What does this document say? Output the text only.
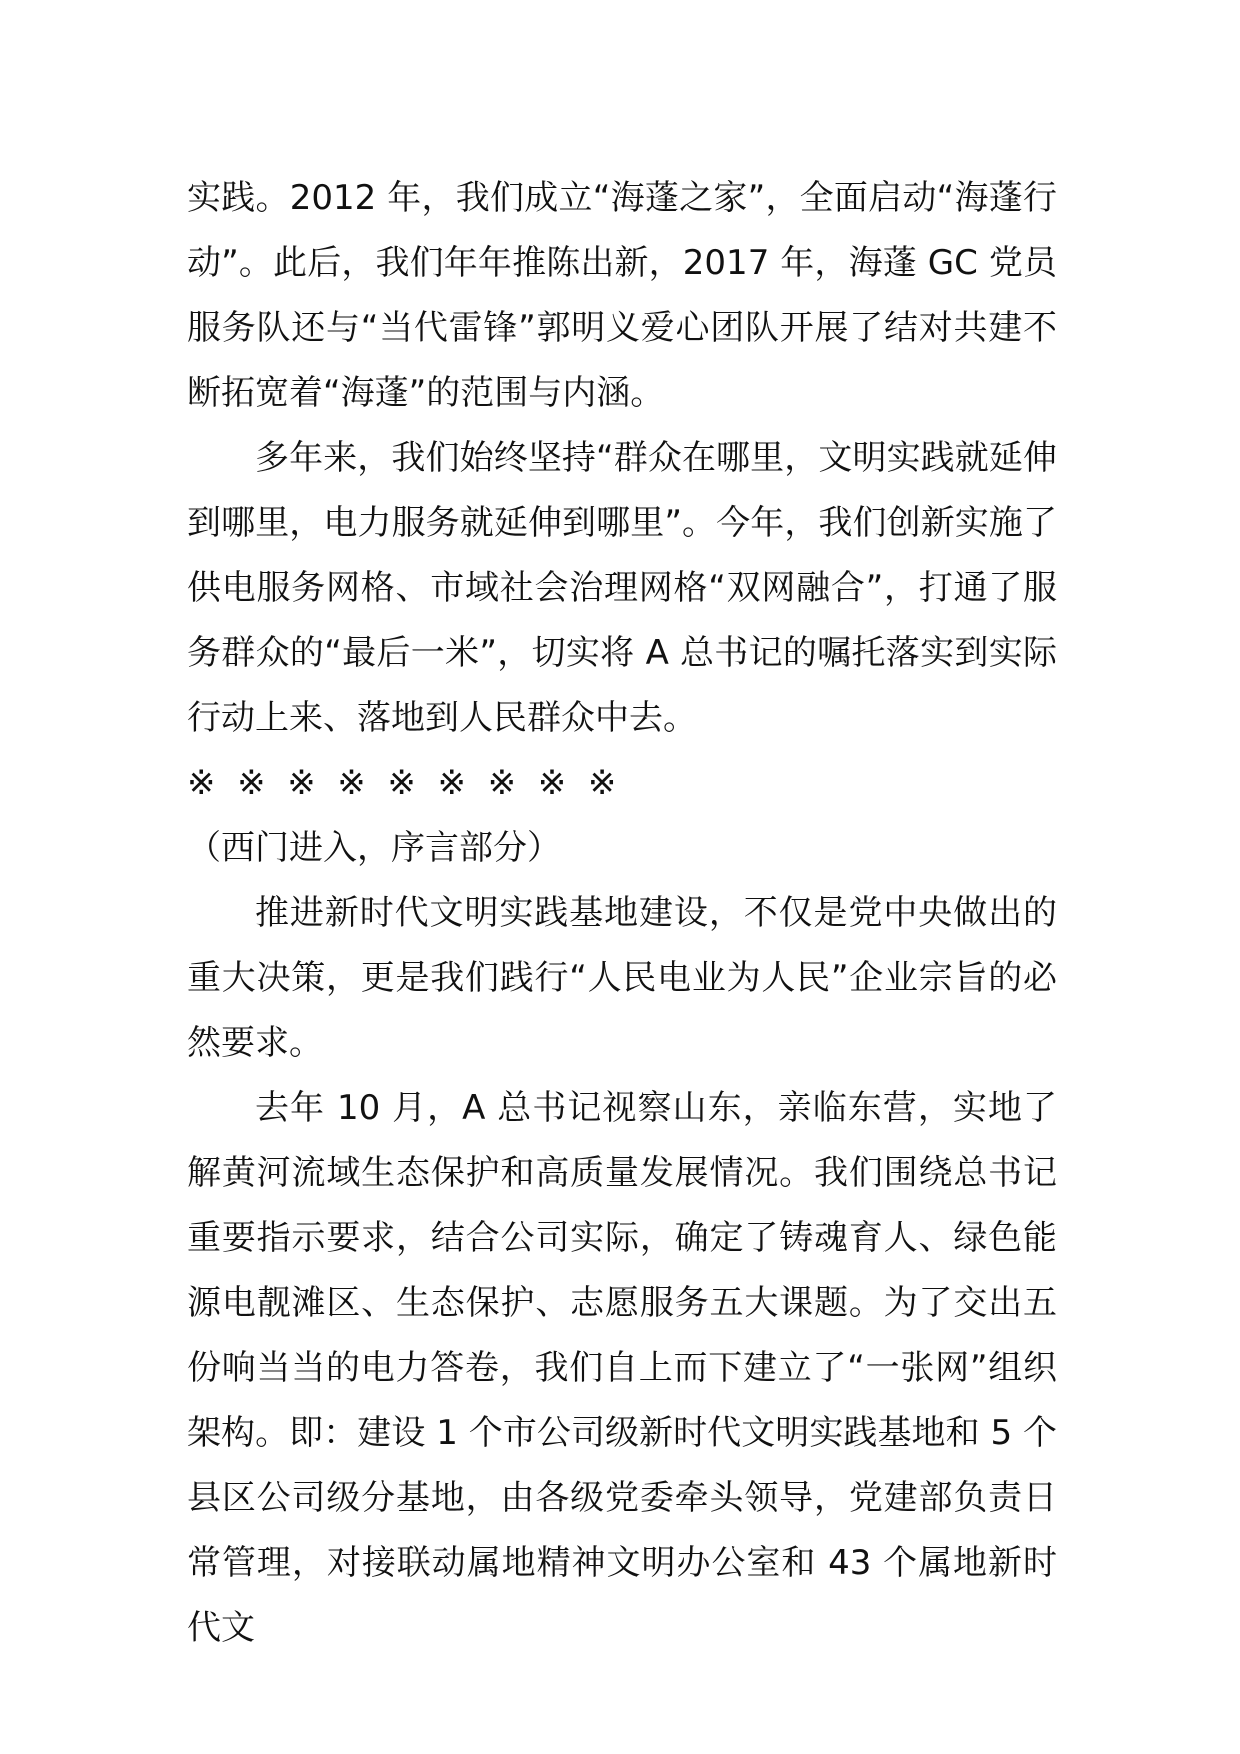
实践。2012 年，我们成立“海蓬之家”，全面启动“海蓬行动”。此后，我们年年推陈出新，2017 年，海蓬 GC 党员服务队还与“当代雷锋”郭明义爱心团队开展了结对共建不断拓宽着“海蓬”的范围与内涵。

多年来，我们始终坚持“群众在哪里，文明实践就延伸到哪里，电力服务就延伸到哪里”。今年，我们创新实施了供电服务网格、市域社会治理网格“双网融合”，打通了服务群众的“最后一米”，切实将 A 总书记的嘱托落实到实际行动上来、落地到人民群众中去。

※  ※  ※  ※  ※  ※  ※  ※  ※

（西门进入，序言部分）

推进新时代文明实践基地建设，不仅是党中央做出的重大决策，更是我们践行“人民电业为人民”企业宗旨的必然要求。

去年 10 月，A 总书记视察山东，亲临东营，实地了解黄河流域生态保护和高质量发展情况。我们围绕总书记重要指示要求，结合公司实际，确定了铸魂育人、绿色能源电靓滩区、生态保护、志愿服务五大课题。为了交出五份响当当的电力答卷，我们自上而下建立了“一张网”组织架构。即：建设 1 个市公司级新时代文明实践基地和 5 个县区公司级分基地，由各级党委牵头领导，党建部负责日常管理，对接联动属地精神文明办公室和 43 个属地新时代文
